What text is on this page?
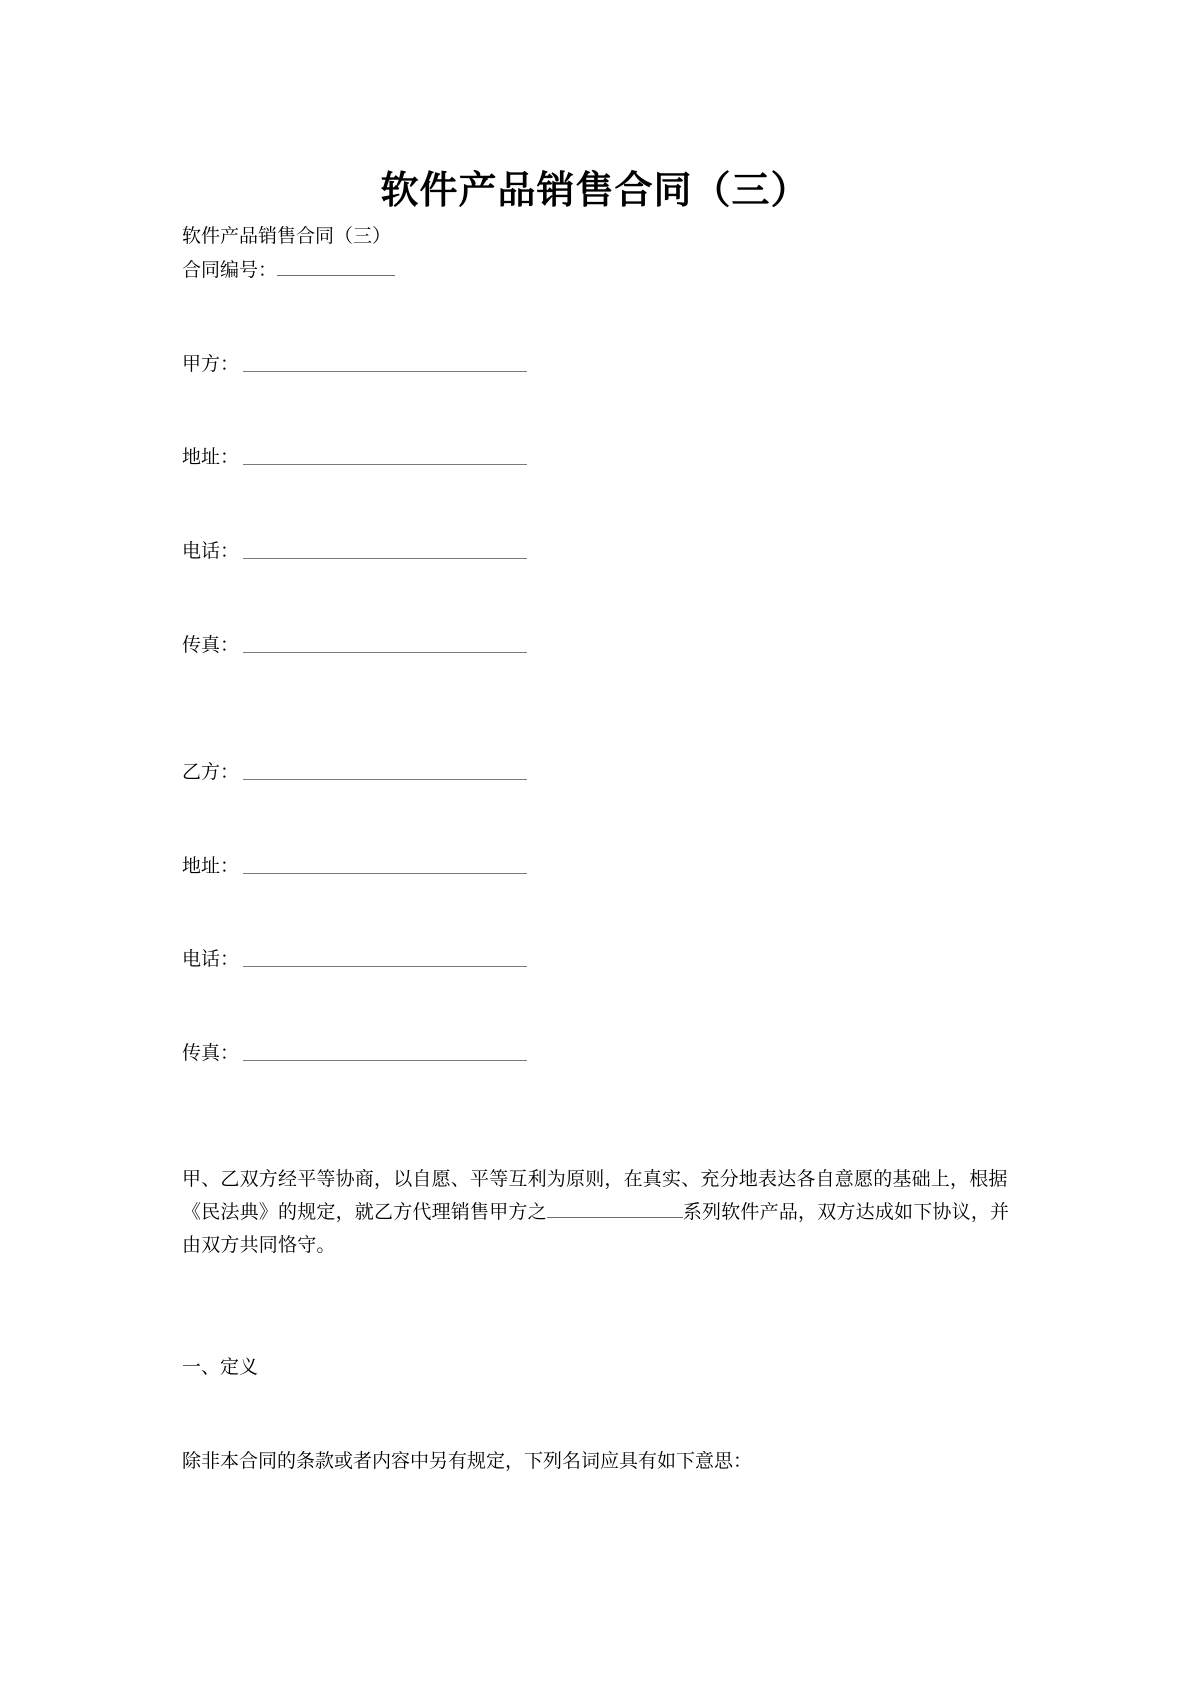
软件产品销售合同（三）
软件产品销售合同（三）
合同编号：
甲方：
地址：
电话：
传真：
乙方：
地址：
电话：
传真：
甲、乙双方经平等协商，以自愿、平等互利为原则，在真实、充分地表达各自意愿的基础上，根据《民法典》的规定，就乙方代理销售甲方之	系列软件产品，双方达成如下协议，并由双方共同恪守。
一、定义
除非本合同的条款或者内容中另有规定，下列名词应具有如下意思：
